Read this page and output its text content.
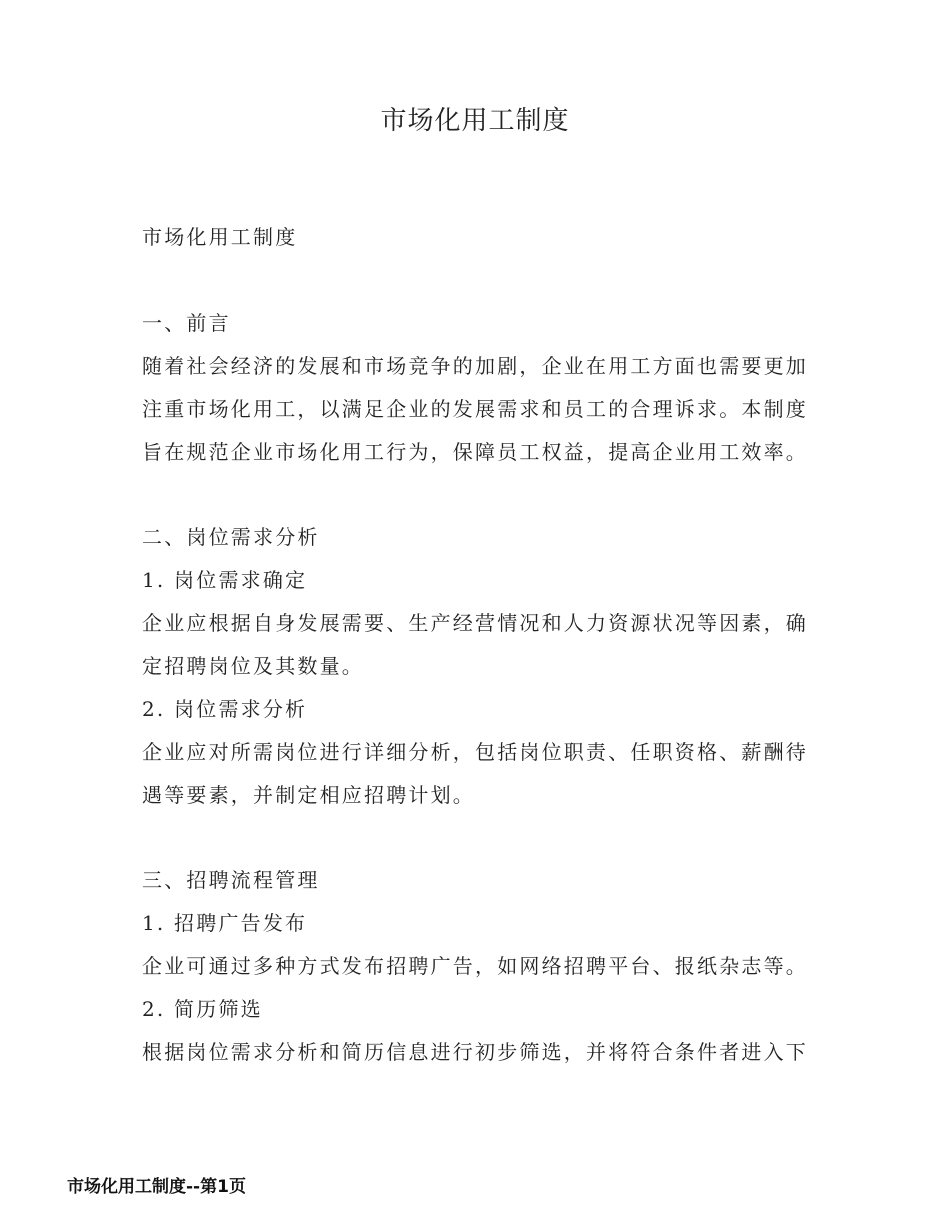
市场化用工制度
市场化用工制度
一、前言
随着社会经济的发展和市场竞争的加剧，企业在用工方面也需要更加
注重市场化用工，以满足企业的发展需求和员工的合理诉求。本制度
旨在规范企业市场化用工行为，保障员工权益，提高企业用工效率。
二、岗位需求分析
1. 岗位需求确定
企业应根据自身发展需要、生产经营情况和人力资源状况等因素，确
定招聘岗位及其数量。
2. 岗位需求分析
企业应对所需岗位进行详细分析，包括岗位职责、任职资格、薪酬待
遇等要素，并制定相应招聘计划。
三、招聘流程管理
1. 招聘广告发布
企业可通过多种方式发布招聘广告，如网络招聘平台、报纸杂志等。
2. 简历筛选
根据岗位需求分析和简历信息进行初步筛选，并将符合条件者进入下
市场化用工制度--第1页
